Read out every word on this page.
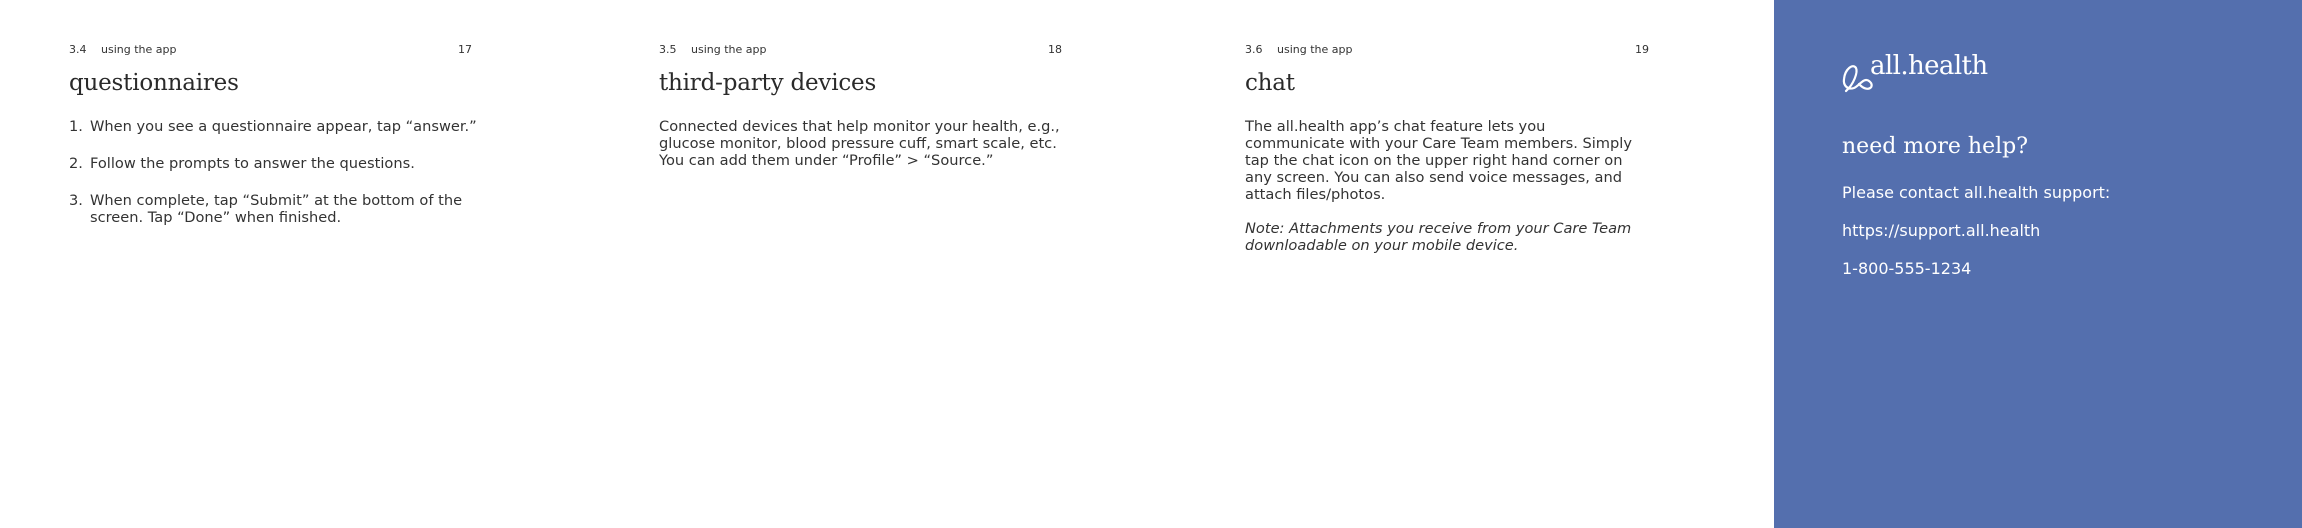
3.4	using the app	17
questionnaires
1. When you see a questionnaire appear, tap “answer.”
2. Follow the prompts to answer the questions.
3. When complete, tap “Submit” at the bottom of the screen. Tap “Done” when finished.
3.5	using the app	18
third-party devices

Connected devices that help monitor your health, e.g., glucose monitor, blood pressure cuff, smart scale, etc. You can add them under “Profile” > “Source.”

3.6	using the app	19
chat

The all.health app’s chat feature lets you communicate with your Care Team members. Simply tap the chat icon on the upper right hand corner on any screen. You can also send voice messages, and attach files/photos.

Note: Attachments you receive from your Care Team downloadable on your mobile device.

all.health
need more help?

Please contact all.health support:

https://support.all.health

1-800-555-1234
